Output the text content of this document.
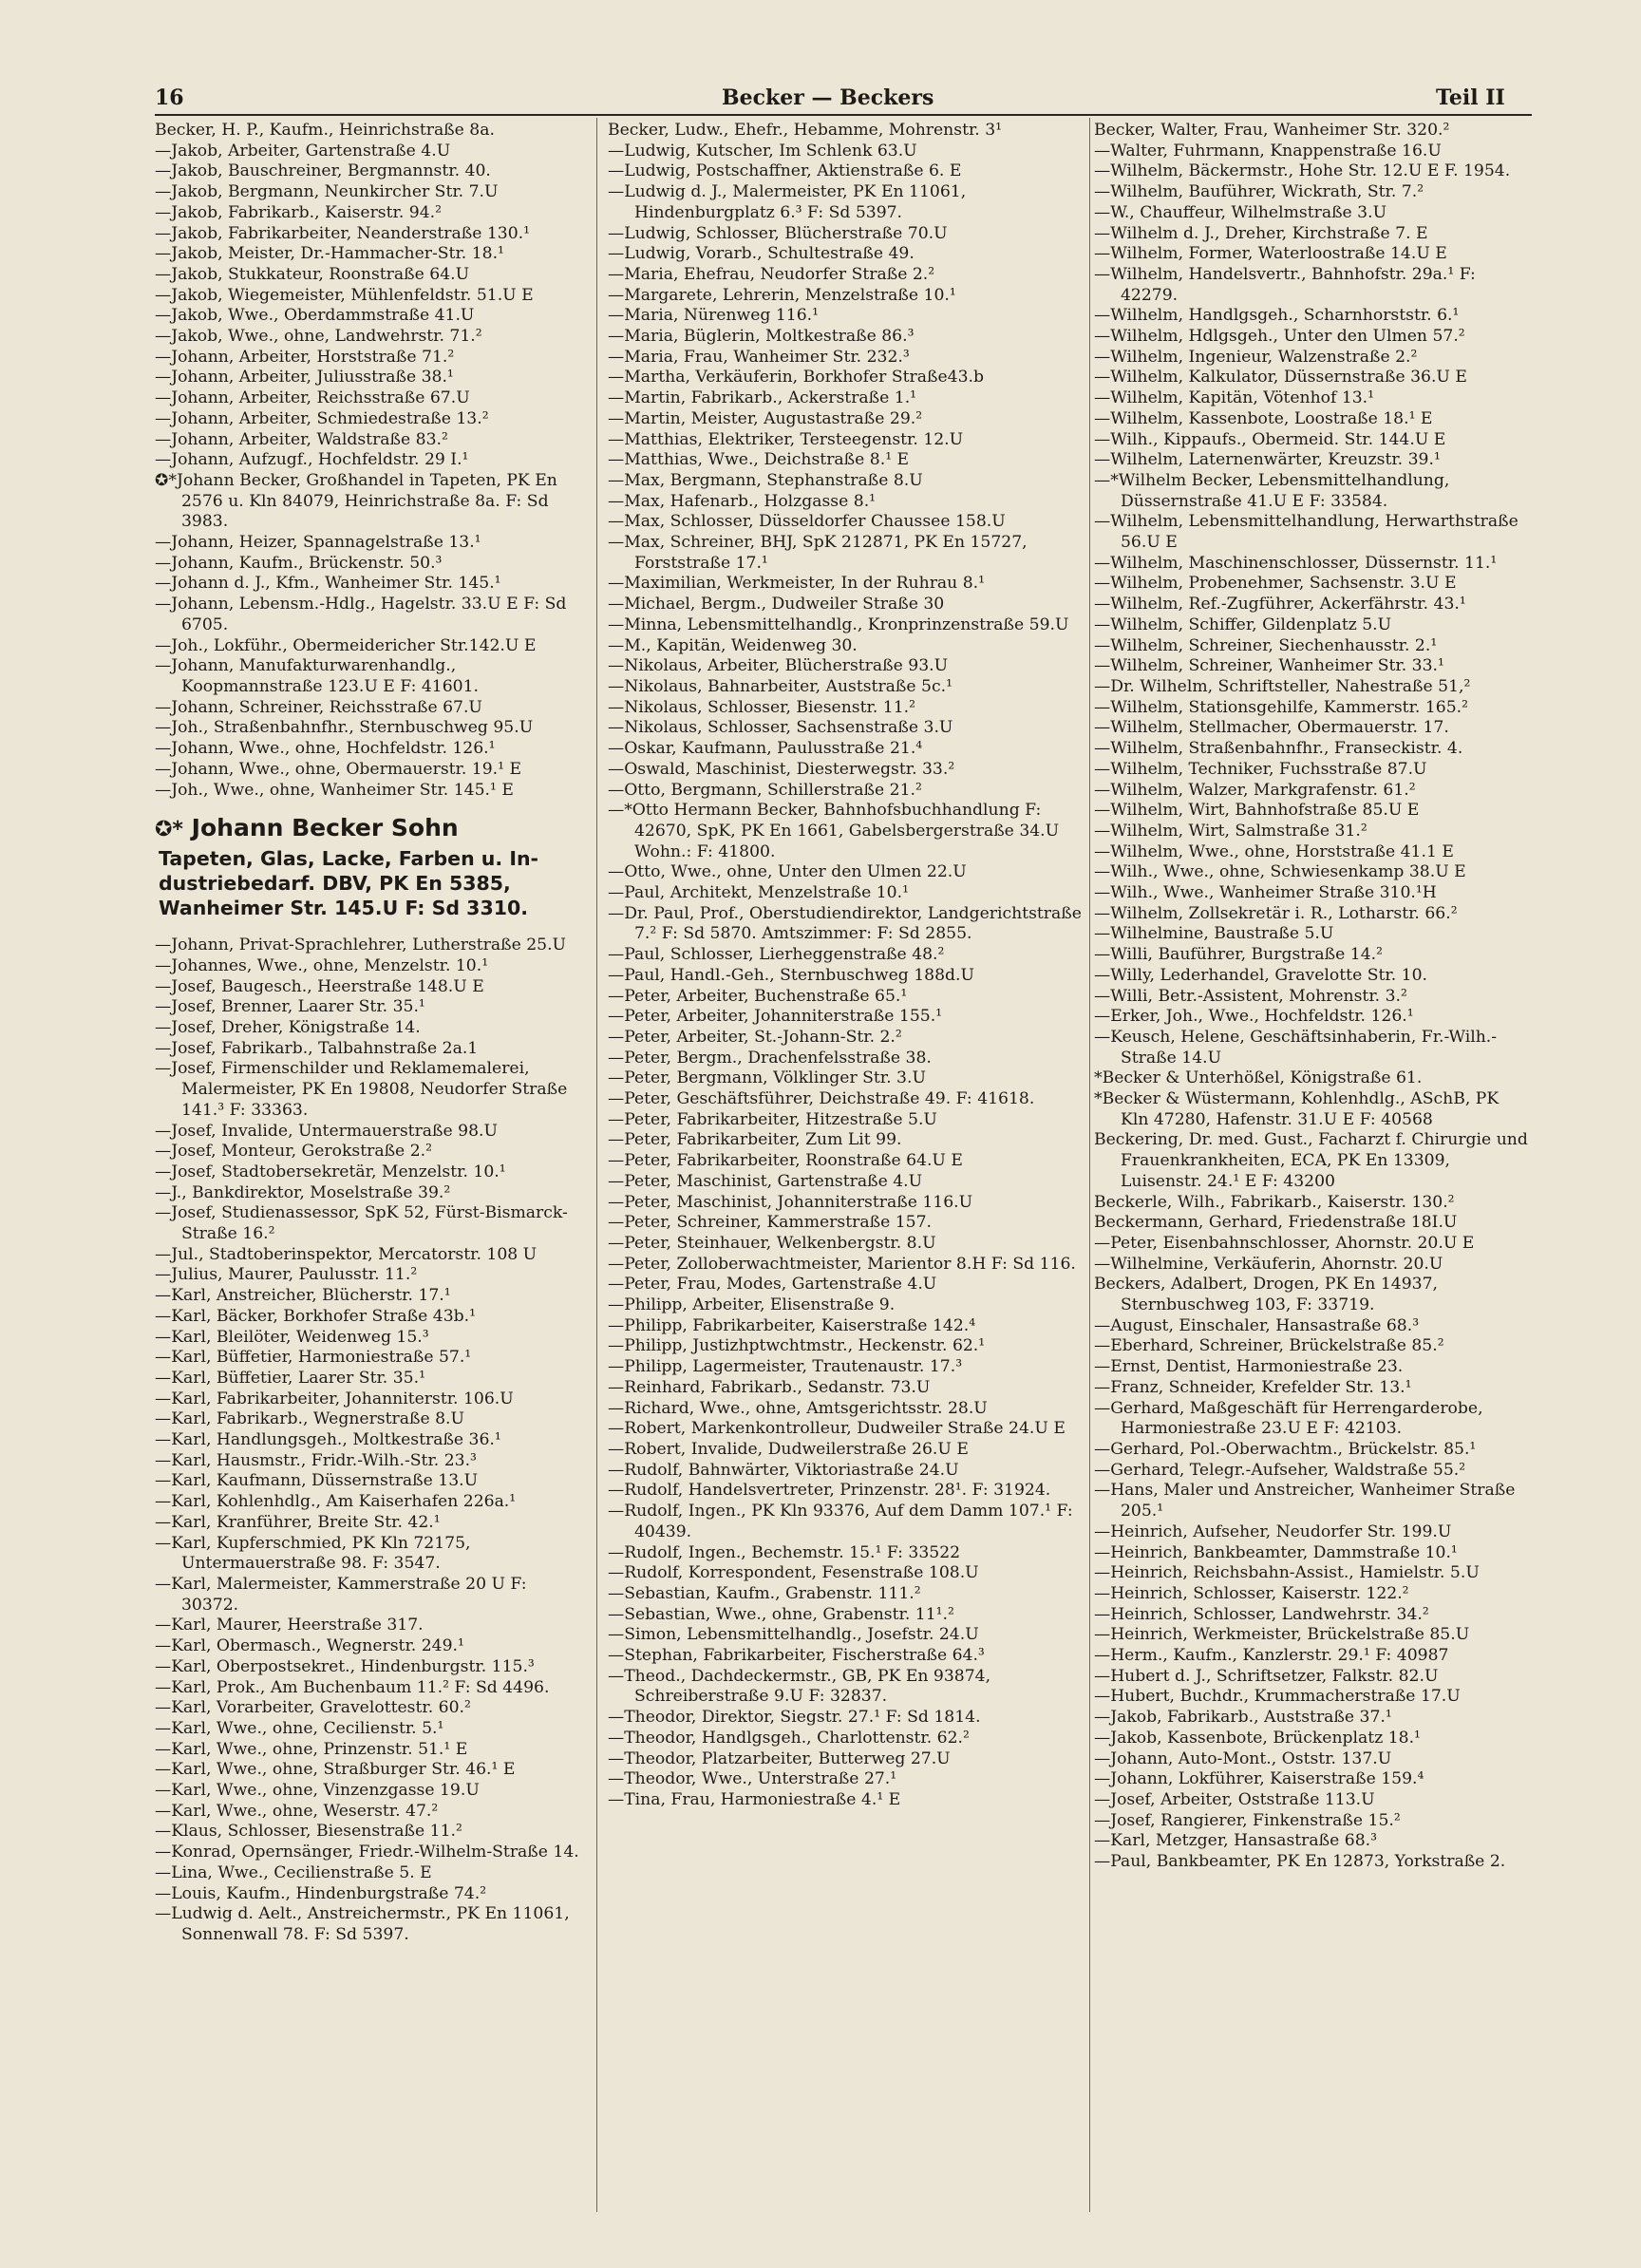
16	Becker — Beckers	Teil II
Becker, H. P., Kaufm., Heinrichstraße 8a.
—Jakob, Arbeiter, Gartenstraße 4.U
—Jakob, Bauschreiner, Bergmannstr. 40.
—Jakob, Bergmann, Neunkircher Str. 7.U
—Jakob, Fabrikarb., Kaiserstr. 94.²
—Jakob, Fabrikarbeiter, Neanderstraße 130.¹
—Jakob, Meister, Dr.-Hammacher-Str. 18.¹
—Jakob, Stukkateur, Roonstraße 64.U
—Jakob, Wiegemeister, Mühlenfeldstr. 51.U E
—Jakob, Wwe., Oberdammstraße 41.U
—Jakob, Wwe., ohne, Landwehrstr. 71.²
—Johann, Arbeiter, Horststraße 71.²
—Johann, Arbeiter, Juliusstraße 38.¹
—Johann, Arbeiter, Reichsstraße 67.U
—Johann, Arbeiter, Schmiedestraße 13.²
—Johann, Arbeiter, Waldstraße 83.²
—Johann, Aufzugf., Hochfeldstr. 29 I.¹
✪*Johann Becker, Großhandel in Tapeten, PK En 2576 u. Kln 84079, Heinrichstraße 8a. F: Sd 3983.
—Johann, Heizer, Spannagelstraße 13.¹
—Johann, Kaufm., Brückenstr. 50.³
—Johann d. J., Kfm., Wanheimer Str. 145.¹
—Johann, Lebensm.-Hdlg., Hagelstr. 33.U E F: Sd 6705.
—Joh., Lokführ., Obermeidericher Str.142.U E
—Johann, Manufakturwarenhandlg., Koopmannstraße 123.U E F: 41601.
—Johann, Schreiner, Reichsstraße 67.U
—Joh., Straßenbahnfhr., Sternbuschweg 95.U
—Johann, Wwe., ohne, Hochfeldstr. 126.¹
—Johann, Wwe., ohne, Obermauerstr. 19.¹ E
—Joh., Wwe., ohne, Wanheimer Str. 145.¹ E
✪* Johann Becker Sohn
Tapeten, Glas, Lacke, Farben u. In-
dustriebedarf. DBV, PK En 5385,
Wanheimer Str. 145.U F: Sd 3310.
—Johann, Privat-Sprachlehrer, Lutherstraße 25.U
—Johannes, Wwe., ohne, Menzelstr. 10.¹
—Josef, Baugesch., Heerstraße 148.U E
—Josef, Brenner, Laarer Str. 35.¹
—Josef, Dreher, Königstraße 14.
—Josef, Fabrikarb., Talbahnstraße 2a.1
—Josef, Firmenschilder und Reklamemalerei, Malermeister, PK En 19808, Neudorfer Straße 141.³ F: 33363.
—Josef, Invalide, Untermauerstraße 98.U
—Josef, Monteur, Gerokstraße 2.²
—Josef, Stadtobersekretär, Menzelstr. 10.¹
—J., Bankdirektor, Moselstraße 39.²
—Josef, Studienassessor, SpK 52, Fürst-Bismarck-Straße 16.²
—Jul., Stadtoberinspektor, Mercatorstr. 108 U
—Julius, Maurer, Paulusstr. 11.²
—Karl, Anstreicher, Blücherstr. 17.¹
—Karl, Bäcker, Borkhofer Straße 43b.¹
—Karl, Bleilöter, Weidenweg 15.³
—Karl, Büffetier, Harmoniestraße 57.¹
—Karl, Büffetier, Laarer Str. 35.¹
—Karl, Fabrikarbeiter, Johanniterstr. 106.U
—Karl, Fabrikarb., Wegnerstraße 8.U
—Karl, Handlungsgeh., Moltkestraße 36.¹
—Karl, Hausmstr., Fridr.-Wilh.-Str. 23.³
—Karl, Kaufmann, Düssernstraße 13.U
—Karl, Kohlenhdlg., Am Kaiserhafen 226a.¹
—Karl, Kranführer, Breite Str. 42.¹
—Karl, Kupferschmied, PK Kln 72175, Untermauerstraße 98. F: 3547.
—Karl, Malermeister, Kammerstraße 20 U F: 30372.
—Karl, Maurer, Heerstraße 317.
—Karl, Obermasch., Wegnerstr. 249.¹
—Karl, Oberpostsekret., Hindenburgstr. 115.³
—Karl, Prok., Am Buchenbaum 11.² F: Sd 4496.
—Karl, Vorarbeiter, Gravelottestr. 60.²
—Karl, Wwe., ohne, Cecilienstr. 5.¹
—Karl, Wwe., ohne, Prinzenstr. 51.¹ E
—Karl, Wwe., ohne, Straßburger Str. 46.¹ E
—Karl, Wwe., ohne, Vinzenzgasse 19.U
—Karl, Wwe., ohne, Weserstr. 47.²
—Klaus, Schlosser, Biesenstraße 11.²
—Konrad, Opernsänger, Friedr.-Wilhelm-Straße 14.
—Lina, Wwe., Cecilienstraße 5. E
—Louis, Kaufm., Hindenburgstraße 74.²
—Ludwig d. Aelt., Anstreichermstr., PK En 11061, Sonnenwall 78. F: Sd 5397.
Becker, Ludw., Ehefr., Hebamme, Mohrenstr. 3¹
—Ludwig, Kutscher, Im Schlenk 63.U
—Ludwig, Postschaffner, Aktienstraße 6. E
—Ludwig d. J., Malermeister, PK En 11061, Hindenburgplatz 6.³ F: Sd 5397.
—Ludwig, Schlosser, Blücherstraße 70.U
—Ludwig, Vorarb., Schultestraße 49.
—Maria, Ehefrau, Neudorfer Straße 2.²
—Margarete, Lehrerin, Menzelstraße 10.¹
—Maria, Nürenweg 116.¹
—Maria, Büglerin, Moltkestraße 86.³
—Maria, Frau, Wanheimer Str. 232.³
—Martha, Verkäuferin, Borkhofer Straße43.b
—Martin, Fabrikarb., Ackerstraße 1.¹
—Martin, Meister, Augustastraße 29.²
—Matthias, Elektriker, Tersteegenstr. 12.U
—Matthias, Wwe., Deichstraße 8.¹ E
—Max, Bergmann, Stephanstraße 8.U
—Max, Hafenarb., Holzgasse 8.¹
—Max, Schlosser, Düsseldorfer Chaussee 158.U
—Max, Schreiner, BHJ, SpK 212871, PK En 15727, Forststraße 17.¹
—Maximilian, Werkmeister, In der Ruhrau 8.¹
—Michael, Bergm., Dudweiler Straße 30
—Minna, Lebensmittelhandlg., Kronprinzenstraße 59.U
—M., Kapitän, Weidenweg 30.
—Nikolaus, Arbeiter, Blücherstraße 93.U
—Nikolaus, Bahnarbeiter, Auststraße 5c.¹
—Nikolaus, Schlosser, Biesenstr. 11.²
—Nikolaus, Schlosser, Sachsenstraße 3.U
—Oskar, Kaufmann, Paulusstraße 21.⁴
—Oswald, Maschinist, Diesterwegstr. 33.²
—Otto, Bergmann, Schillerstraße 21.²
—*Otto Hermann Becker, Bahnhofsbuchhandlung F: 42670, SpK, PK En 1661, Gabelsbergerstraße 34.U Wohn.: F: 41800.
—Otto, Wwe., ohne, Unter den Ulmen 22.U
—Paul, Architekt, Menzelstraße 10.¹
—Dr. Paul, Prof., Oberstudiendirektor, Landgerichtstraße 7.² F: Sd 5870. Amtszimmer: F: Sd 2855.
—Paul, Schlosser, Lierheggenstraße 48.²
—Paul, Handl.-Geh., Sternbuschweg 188d.U
—Peter, Arbeiter, Buchenstraße 65.¹
—Peter, Arbeiter, Johanniterstraße 155.¹
—Peter, Arbeiter, St.-Johann-Str. 2.²
—Peter, Bergm., Drachenfelsstraße 38.
—Peter, Bergmann, Völklinger Str. 3.U
—Peter, Geschäftsführer, Deichstraße 49. F: 41618.
—Peter, Fabrikarbeiter, Hitzestraße 5.U
—Peter, Fabrikarbeiter, Zum Lit 99.
—Peter, Fabrikarbeiter, Roonstraße 64.U E
—Peter, Maschinist, Gartenstraße 4.U
—Peter, Maschinist, Johanniterstraße 116.U
—Peter, Schreiner, Kammerstraße 157.
—Peter, Steinhauer, Welkenbergstr. 8.U
—Peter, Zolloberwachtmeister, Marientor 8.H F: Sd 116.
—Peter, Frau, Modes, Gartenstraße 4.U
—Philipp, Arbeiter, Elisenstraße 9.
—Philipp, Fabrikarbeiter, Kaiserstraße 142.⁴
—Philipp, Justizhptwchtmstr., Heckenstr. 62.¹
—Philipp, Lagermeister, Trautenaustr. 17.³
—Reinhard, Fabrikarb., Sedanstr. 73.U
—Richard, Wwe., ohne, Amtsgerichtsstr. 28.U
—Robert, Markenkontrolleur, Dudweiler Straße 24.U E
—Robert, Invalide, Dudweilerstraße 26.U E
—Rudolf, Bahnwärter, Viktoriastraße 24.U
—Rudolf, Handelsvertreter, Prinzenstr. 28¹. F: 31924.
—Rudolf, Ingen., PK Kln 93376, Auf dem Damm 107.¹ F: 40439.
—Rudolf, Ingen., Bechemstr. 15.¹ F: 33522
—Rudolf, Korrespondent, Fesenstraße 108.U
—Sebastian, Kaufm., Grabenstr. 111.²
—Sebastian, Wwe., ohne, Grabenstr. 11¹.²
—Simon, Lebensmittelhandlg., Josefstr. 24.U
—Stephan, Fabrikarbeiter, Fischerstraße 64.³
—Theod., Dachdeckermstr., GB, PK En 93874, Schreiberstraße 9.U F: 32837.
—Theodor, Direktor, Siegstr. 27.¹ F: Sd 1814.
—Theodor, Handlgsgeh., Charlottenstr. 62.²
—Theodor, Platzarbeiter, Butterweg 27.U
—Theodor, Wwe., Unterstraße 27.¹
—Tina, Frau, Harmoniestraße 4.¹ E
Becker, Walter, Frau, Wanheimer Str. 320.²
—Walter, Fuhrmann, Knappenstraße 16.U
—Wilhelm, Bäckermstr., Hohe Str. 12.U E F. 1954.
—Wilhelm, Bauführer, Wickrath, Str. 7.²
—W., Chauffeur, Wilhelmstraße 3.U
—Wilhelm d. J., Dreher, Kirchstraße 7. E
—Wilhelm, Former, Waterloostraße 14.U E
—Wilhelm, Handelsvertr., Bahnhofstr. 29a.¹ F: 42279.
—Wilhelm, Handlgsgeh., Scharnhorststr. 6.¹
—Wilhelm, Hdlgsgeh., Unter den Ulmen 57.²
—Wilhelm, Ingenieur, Walzenstraße 2.²
—Wilhelm, Kalkulator, Düssernstraße 36.U E
—Wilhelm, Kapitän, Vötenhof 13.¹
—Wilhelm, Kassenbote, Loostraße 18.¹ E
—Wilh., Kippaufs., Obermeid. Str. 144.U E
—Wilhelm, Laternenwärter, Kreuzstr. 39.¹
—*Wilhelm Becker, Lebensmittelhandlung, Düssernstraße 41.U E F: 33584.
—Wilhelm, Lebensmittelhandlung, Herwarthstraße 56.U E
—Wilhelm, Maschinenschlosser, Düssernstr. 11.¹
—Wilhelm, Probenehmer, Sachsenstr. 3.U E
—Wilhelm, Ref.-Zugführer, Ackerfährstr. 43.¹
—Wilhelm, Schiffer, Gildenplatz 5.U
—Wilhelm, Schreiner, Siechenhausstr. 2.¹
—Wilhelm, Schreiner, Wanheimer Str. 33.¹
—Dr. Wilhelm, Schriftsteller, Nahestraße 51,²
—Wilhelm, Stationsgehilfe, Kammerstr. 165.²
—Wilhelm, Stellmacher, Obermauerstr. 17.
—Wilhelm, Straßenbahnfhr., Franseckistr. 4.
—Wilhelm, Techniker, Fuchsstraße 87.U
—Wilhelm, Walzer, Markgrafenstr. 61.²
—Wilhelm, Wirt, Bahnhofstraße 85.U E
—Wilhelm, Wirt, Salmstraße 31.²
—Wilhelm, Wwe., ohne, Horststraße 41.1 E
—Wilh., Wwe., ohne, Schwiesenkamp 38.U E
—Wilh., Wwe., Wanheimer Straße 310.¹H
—Wilhelm, Zollsekretär i. R., Lotharstr. 66.²
—Wilhelmine, Baustraße 5.U
—Willi, Bauführer, Burgstraße 14.²
—Willy, Lederhandel, Gravelotte Str. 10.
—Willi, Betr.-Assistent, Mohrenstr. 3.²
—Erker, Joh., Wwe., Hochfeldstr. 126.¹
—Keusch, Helene, Geschäftsinhaberin, Fr.-Wilh.-Straße 14.U
*Becker & Unterhößel, Königstraße 61.
*Becker & Wüstermann, Kohlenhdlg., ASchB, PK Kln 47280, Hafenstr. 31.U E F: 40568
Beckering, Dr. med. Gust., Facharzt f. Chirurgie und Frauenkrankheiten, ECA, PK En 13309, Luisenstr. 24.¹ E F: 43200
Beckerle, Wilh., Fabrikarb., Kaiserstr. 130.²
Beckermann, Gerhard, Friedenstraße 18I.U
—Peter, Eisenbahnschlosser, Ahornstr. 20.U E
—Wilhelmine, Verkäuferin, Ahornstr. 20.U
Beckers, Adalbert, Drogen, PK En 14937, Sternbuschweg 103, F: 33719.
—August, Einschaler, Hansastraße 68.³
—Eberhard, Schreiner, Brückelstraße 85.²
—Ernst, Dentist, Harmoniestraße 23.
—Franz, Schneider, Krefelder Str. 13.¹
—Gerhard, Maßgeschäft für Herrengarderobe, Harmoniestraße 23.U E F: 42103.
—Gerhard, Pol.-Oberwachtm., Brückelstr. 85.¹
—Gerhard, Telegr.-Aufseher, Waldstraße 55.²
—Hans, Maler und Anstreicher, Wanheimer Straße 205.¹
—Heinrich, Aufseher, Neudorfer Str. 199.U
—Heinrich, Bankbeamter, Dammstraße 10.¹
—Heinrich, Reichsbahn-Assist., Hamielstr. 5.U
—Heinrich, Schlosser, Kaiserstr. 122.²
—Heinrich, Schlosser, Landwehrstr. 34.²
—Heinrich, Werkmeister, Brückelstraße 85.U
—Herm., Kaufm., Kanzlerstr. 29.¹ F: 40987
—Hubert d. J., Schriftsetzer, Falkstr. 82.U
—Hubert, Buchdr., Krummacherstraße 17.U
—Jakob, Fabrikarb., Auststraße 37.¹
—Jakob, Kassenbote, Brückenplatz 18.¹
—Johann, Auto-Mont., Oststr. 137.U
—Johann, Lokführer, Kaiserstraße 159.⁴
—Josef, Arbeiter, Oststraße 113.U
—Josef, Rangierer, Finkenstraße 15.²
—Karl, Metzger, Hansastraße 68.³
—Paul, Bankbeamter, PK En 12873, Yorkstraße 2.
